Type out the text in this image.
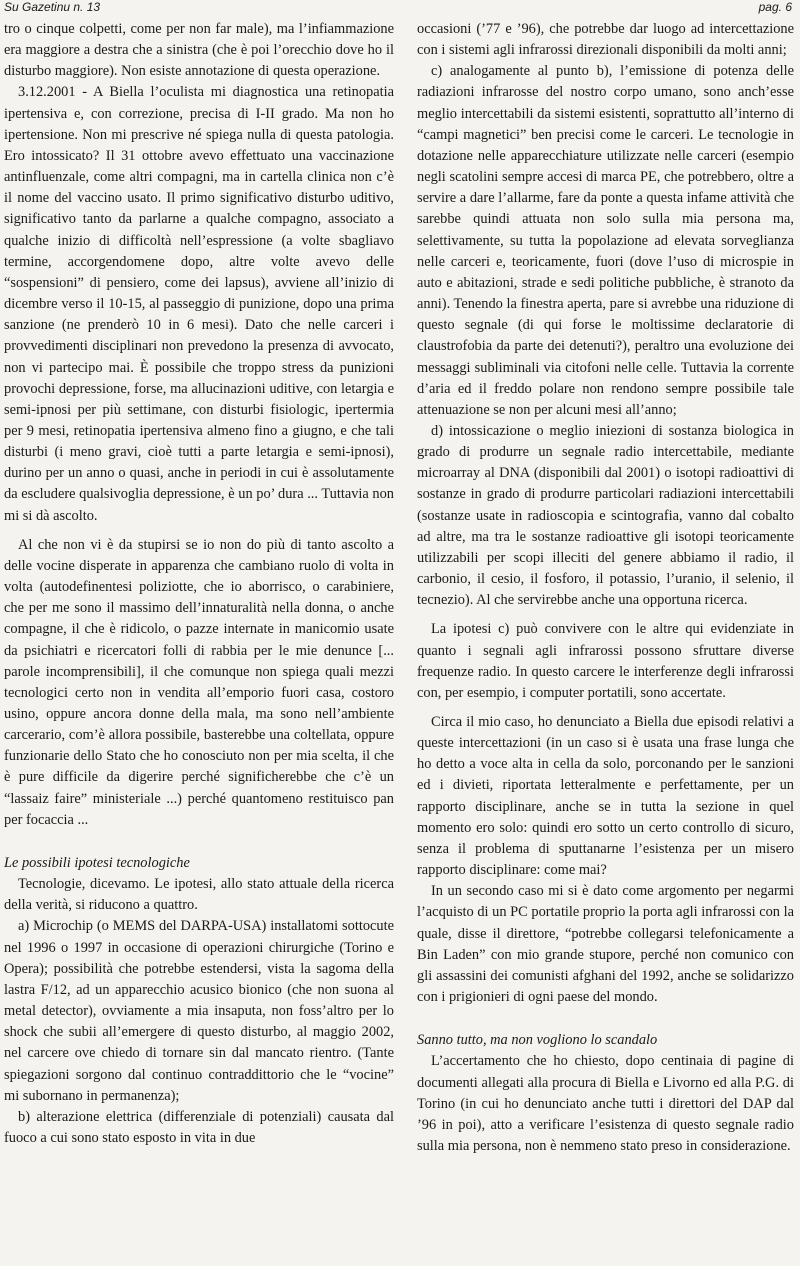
Su Gazetinu n. 13	pag. 6

tro o cinque colpetti, come per non far male), ma l’infiammazione era maggiore a destra che a sinistra (che è poi l’orecchio dove ho il disturbo maggiore). Non esiste annotazione di questa operazione.

3.12.2001 - A Biella l’oculista mi diagnostica una retinopatia ipertensiva e, con correzione, precisa di I-II grado. Ma non ho ipertensione. Non mi prescrive né spiega nulla di questa patologia. Ero intossicato? Il 31 ottobre avevo effettuato una vaccinazione antinfluenzale, come altri compagni, ma in cartella clinica non c’è il nome del vaccino usato. Il primo significativo disturbo uditivo, significativo tanto da parlarne a qualche compagno, associato a qualche inizio di difficoltà nell’espressione (a volte sbagliavo termine, accorgendomene dopo, altre volte avevo delle “sospensioni” di pensiero, come dei lapsus), avviene all’inizio di dicembre verso il 10-15, al passeggio di punizione, dopo una prima sanzione (ne prenderò 10 in 6 mesi). Dato che nelle carceri i provvedimenti disciplinari non prevedono la presenza di avvocato, non vi partecipo mai. È possibile che troppo stress da punizioni provochi depressione, forse, ma allucinazioni uditive, con letargia e semi-ipnosi per più settimane, con disturbi fisiologic, ipertermia per 9 mesi, retinopatia ipertensiva almeno fino a giugno, e che tali disturbi (i meno gravi, cioè tutti a parte letargia e semi-ipnosi), durino per un anno o quasi, anche in periodi in cui è assolutamente da escludere qualsivoglia depressione, è un po’ dura ... Tuttavia non mi si dà ascolto.

Al che non vi è da stupirsi se io non do più di tanto ascolto a delle vocine disperate in apparenza che cambiano ruolo di volta in volta (autodefinentesi poliziotte, che io aborrisco, o carabiniere, che per me sono il massimo dell’innaturalità nella donna, o anche compagne, il che è ridicolo, o pazze internate in manicomio usate da psichiatri e ricercatori folli di rabbia per le mie denunce [... parole incomprensibili], il che comunque non spiega quali mezzi tecnologici certo non in vendita all’emporio fuori casa, costoro usino, oppure ancora donne della mala, ma sono nell’ambiente carcerario, com’è allora possibile, basterebbe una coltellata, oppure funzionarie dello Stato che ho conosciuto non per mia scelta, il che è pure difficile da digerire perché significherebbe che c’è un “lassaiz faire” ministeriale ...) perché quantomeno restituisco pan per focaccia ...

Le possibili ipotesi tecnologiche

Tecnologie, dicevamo. Le ipotesi, allo stato attuale della ricerca della verità, si riducono a quattro.

a) Microchip (o MEMS del DARPA-USA) installatomi sottocute nel 1996 o 1997 in occasione di operazioni chirurgiche (Torino e Opera); possibilità che potrebbe estendersi, vista la sagoma della lastra F/12, ad un apparecchio acusico bionico (che non suona al metal detector), ovviamente a mia insaputa, non foss’altro per lo shock che subii all’emergere di questo disturbo, al maggio 2002, nel carcere ove chiedo di tornare sin dal mancato rientro. (Tante spiegazioni sorgono dal continuo contraddittorio che le “vocine” mi subornano in permanenza);

b) alterazione elettrica (differenziale di potenziali) causata dal fuoco a cui sono stato esposto in vita in due

occasioni (’77 e ’96), che potrebbe dar luogo ad intercettazione con i sistemi agli infrarossi direzionali disponibili da molti anni;

c) analogamente al punto b), l’emissione di potenza delle radiazioni infrarosse del nostro corpo umano, sono anch’esse meglio intercettabili da sistemi esistenti, soprattutto all’interno di “campi magnetici” ben precisi come le carceri. Le tecnologie in dotazione nelle apparecchiature utilizzate nelle carceri (esempio negli scatolini sempre accesi di marca PE, che potrebbero, oltre a servire a dare l’allarme, fare da ponte a questa infame attività che sarebbe quindi attuata non solo sulla mia persona ma, selettivamente, su tutta la popolazione ad elevata sorveglianza nelle carceri e, teoricamente, fuori (dove l’uso di microspie in auto e abitazioni, strade e sedi politiche pubbliche, è stranoto da anni). Tenendo la finestra aperta, pare si avrebbe una riduzione di questo segnale (di qui forse le moltissime declaratorie di claustrofobia da parte dei detenuti?), peraltro una evoluzione dei messaggi subliminali via citofoni nelle celle. Tuttavia la corrente d’aria ed il freddo polare non rendono sempre possibile tale attenuazione se non per alcuni mesi all’anno;

d) intossicazione o meglio iniezioni di sostanza biologica in grado di produrre un segnale radio intercettabile, mediante microarray al DNA (disponibili dal 2001) o isotopi radioattivi di sostanze in grado di produrre particolari radiazioni intercettabili (sostanze usate in radioscopia e scintografia, vanno dal cobalto ad altre, ma tra le sostanze radioattive gli isotopi teoricamente utilizzabili per scopi illeciti del genere abbiamo il radio, il carbonio, il cesio, il fosforo, il potassio, l’uranio, il selenio, il tecnezio). Al che servirebbe anche una opportuna ricerca.

La ipotesi c) può convivere con le altre qui evidenziate in quanto i segnali agli infrarossi possono sfruttare diverse frequenze radio. In questo carcere le interferenze degli infrarossi con, per esempio, i computer portatili, sono accertate.

Circa il mio caso, ho denunciato a Biella due episodi relativi a queste intercettazioni (in un caso si è usata una frase lunga che ho detto a voce alta in cella da solo, porconando per le sanzioni ed i divieti, riportata letteralmente e perfettamente, per un rapporto disciplinare, anche se in tutta la sezione in quel momento ero solo: quindi ero sotto un certo controllo di sicuro, senza il problema di sputtanarne l’esistenza per un misero rapporto disciplinare: come mai?

In un secondo caso mi si è dato come argomento per negarmi l’acquisto di un PC portatile proprio la porta agli infrarossi con la quale, disse il direttore, “potrebbe collegarsi telefonicamente a Bin Laden” con mio grande stupore, perché non comunico con gli assassini dei comunisti afghani del 1992, anche se solidarizzo con i prigionieri di ogni paese del mondo.

Sanno tutto, ma non vogliono lo scandalo

L’accertamento che ho chiesto, dopo centinaia di pagine di documenti allegati alla procura di Biella e Livorno ed alla P.G. di Torino (in cui ho denunciato anche tutti i direttori del DAP dal ’96 in poi), atto a verificare l’esistenza di questo segnale radio sulla mia persona, non è nemmeno stato preso in considerazione.
